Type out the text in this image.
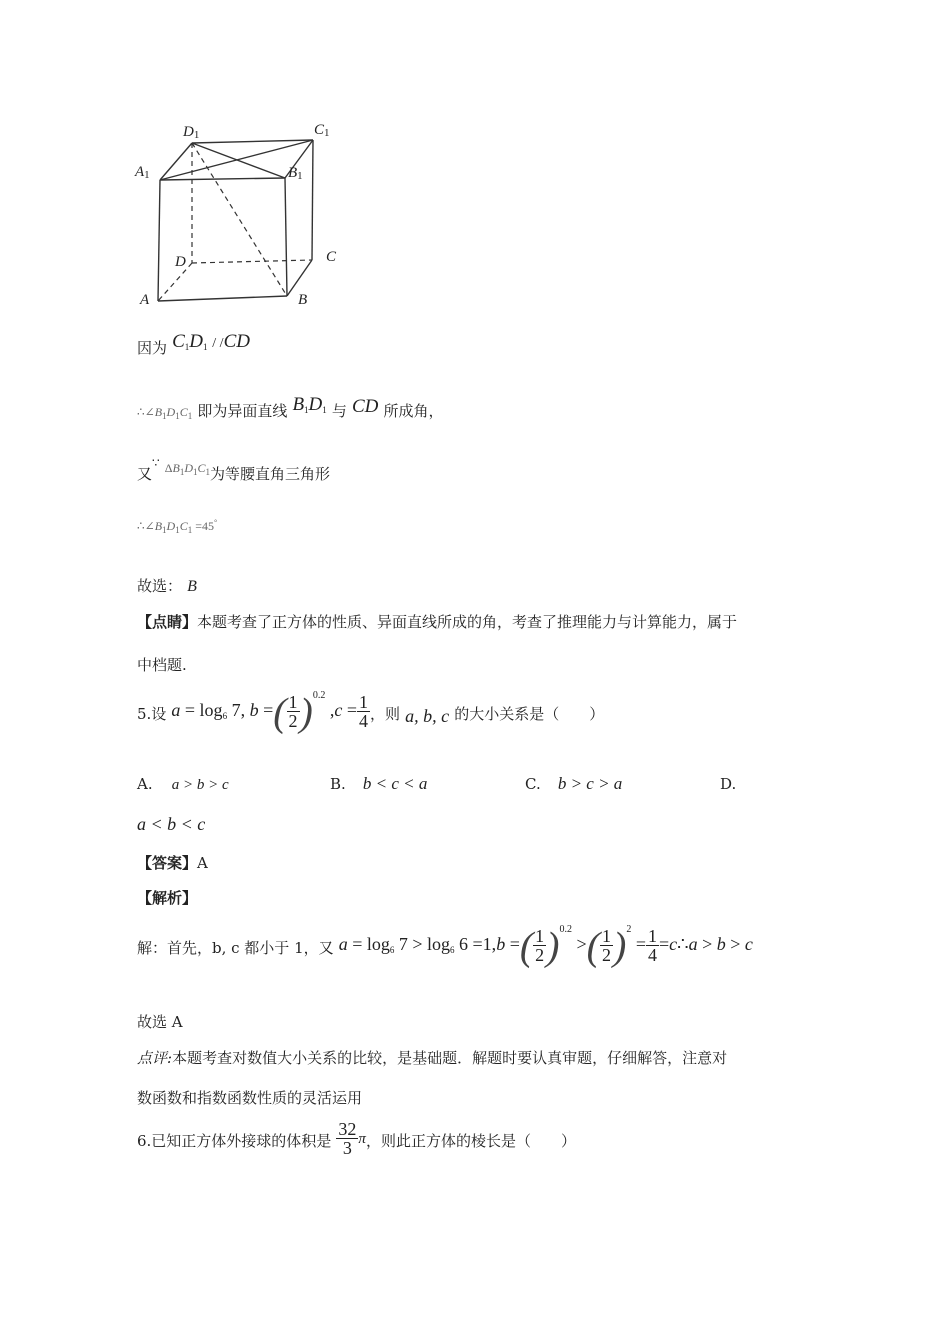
D1	C1
A1	B1
D	C
A	B
因为 $C_1D_1 / /CD$
$\therefore\angle B_1D_1C_1$ 即为异面直线 $B_1D_1$ 与 CD 所成角，
又∵ $^{\Delta B_1D_1C_1}$为等腰直角三角形
$\therefore\angle B_1D_1C_1 =45^\circ$
故选： B
【点睛】本题考查了正方体的性质、异面直线所成的角，考查了推理能力与计算能力，属于
中档题.
5.设 $a = \log_6 7$, b =( $\frac{1}{2} )^{0.2}$ $,c = \frac{1}{4}$ ，则 a, b, c 的大小关系是（　　）
A. a > b > c	B. b < c < a	C. b > c > a	D.
a < b < c
【答案】A
【解析】
解：首先，b, c 都小于 1，又 $a = \log_6 7 > \log_6 6 =1,b$ =( $\frac{1}{2} )^{0.2}$ >( $\frac{1}{2} )^2 = \frac{1}{4}$ =c∴a > b > c
故选 A
点评:本题考查对数值大小关系的比较，是基础题．解题时要认真审题，仔细解答，注意对
数函数和指数函数性质的灵活运用
6.已知正方体外接球的体积是 $\frac{32}{3}$ π，则此正方体的棱长是（　　）
